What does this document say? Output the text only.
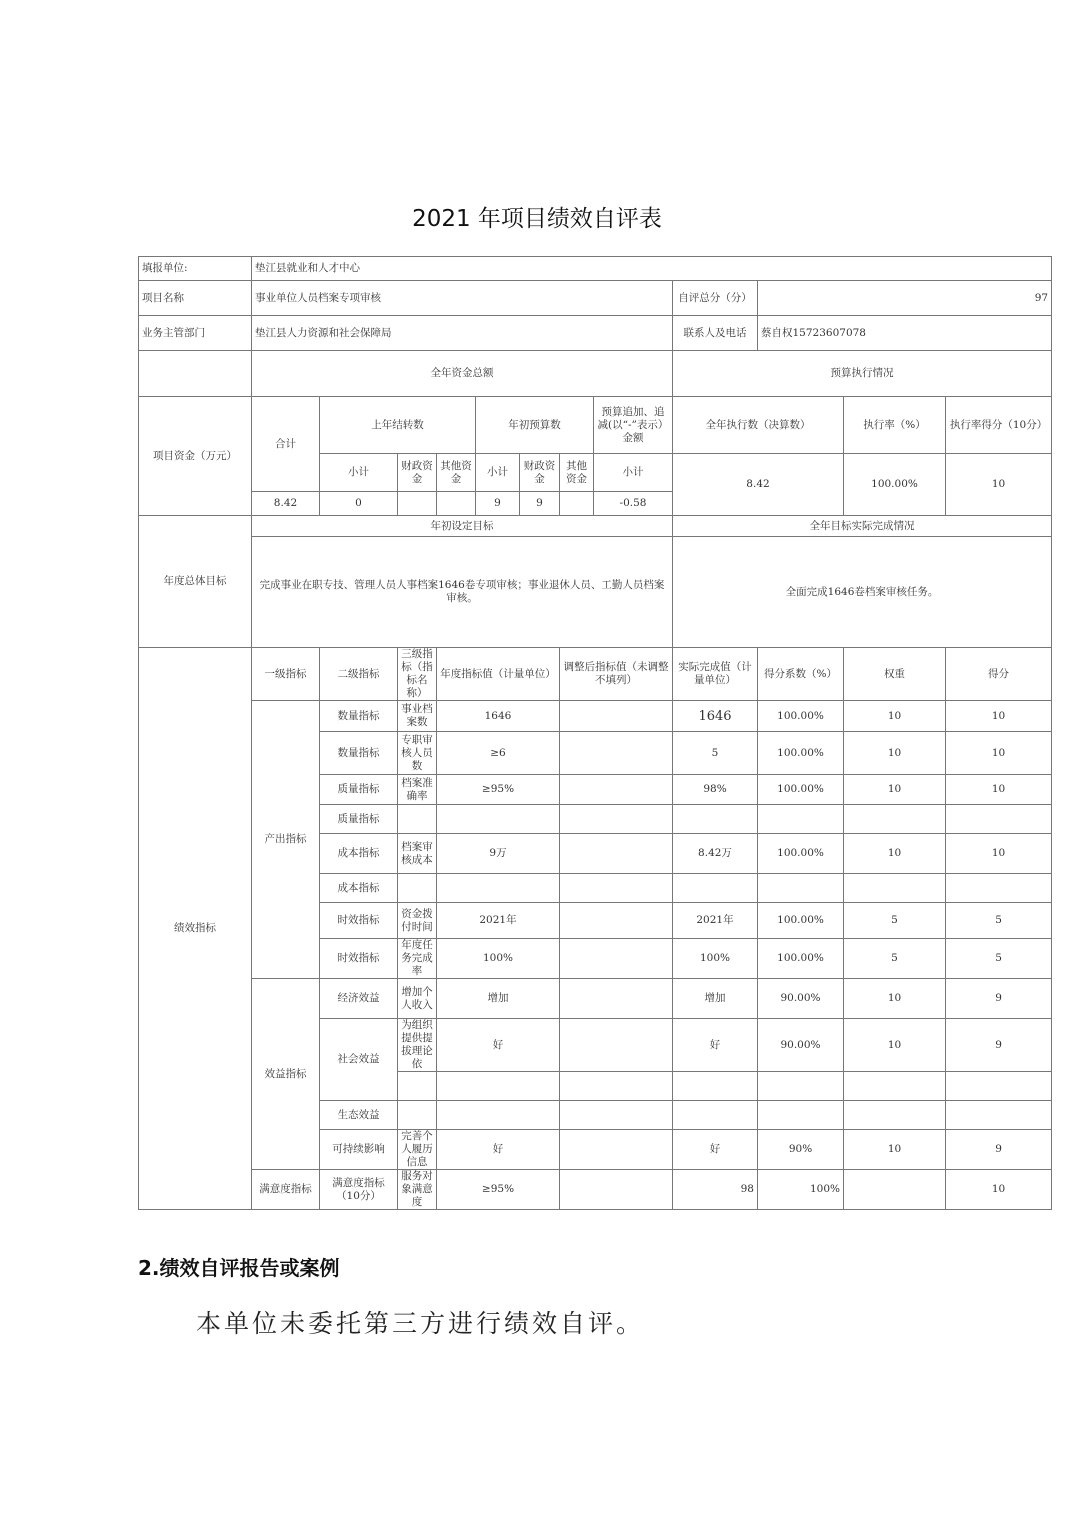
2021 年项目绩效自评表
填报单位:	垫江县就业和人才中心											
项目名称	事业单位人员档案专项审核								自评总分（分）	97		
业务主管部门	垫江县人力资源和社会保障局								联系人及电话	蔡自权15723607078		
	全年资金总额								预算执行情况			
项目资金（万元）	合计	上年结转数			年初预算数			预算追加、追减(以“-”表示）金额	全年执行数（决算数）		执行率（%）	执行率得分（10分）
		小计	财政资金	其他资金	小计	财政资金	其他资金	小计	8.42		100.00%	10
	8.42	0			9	9		-0.58				
年度总体目标	年初设定目标								全年目标实际完成情况			
	完成事业在职专技、管理人员人事档案1646卷专项审核；事业退休人员、工勤人员档案审核。								全面完成1646卷档案审核任务。			
绩效指标	一级指标	二级指标	三级指标（指标名称）	年度指标值（计量单位）			调整后指标值（未调整不填列）		实际完成值（计量单位）	得分系数（%）	权重	得分
	产出指标	数量指标	事业档案数	1646					1646	100.00%	10	10
		数量指标	专职审核人员数	≥6					5	100.00%	10	10
		质量指标	档案准确率	≥95%					98%	100.00%	10	10
		质量指标										
		成本指标	档案审核成本	9万					8.42万	100.00%	10	10
		成本指标										
		时效指标	资金拨付时间	2021年					2021年	100.00%	5	5
		时效指标	年度任务完成率	100%					100%	100.00%	5	5
	效益指标	经济效益	增加个人收入	增加					增加	90.00%	10	9
		社会效益	为组织提供提拔理论依	好					好	90.00%	10	9

		生态效益										
		可持续影响	完善个人履历信息	好					好	90%	10	9
	满意度指标	满意度指标（10分）	服务对象满意度	≥95%					98	100%		10
2.绩效自评报告或案例
本单位未委托第三方进行绩效自评。
